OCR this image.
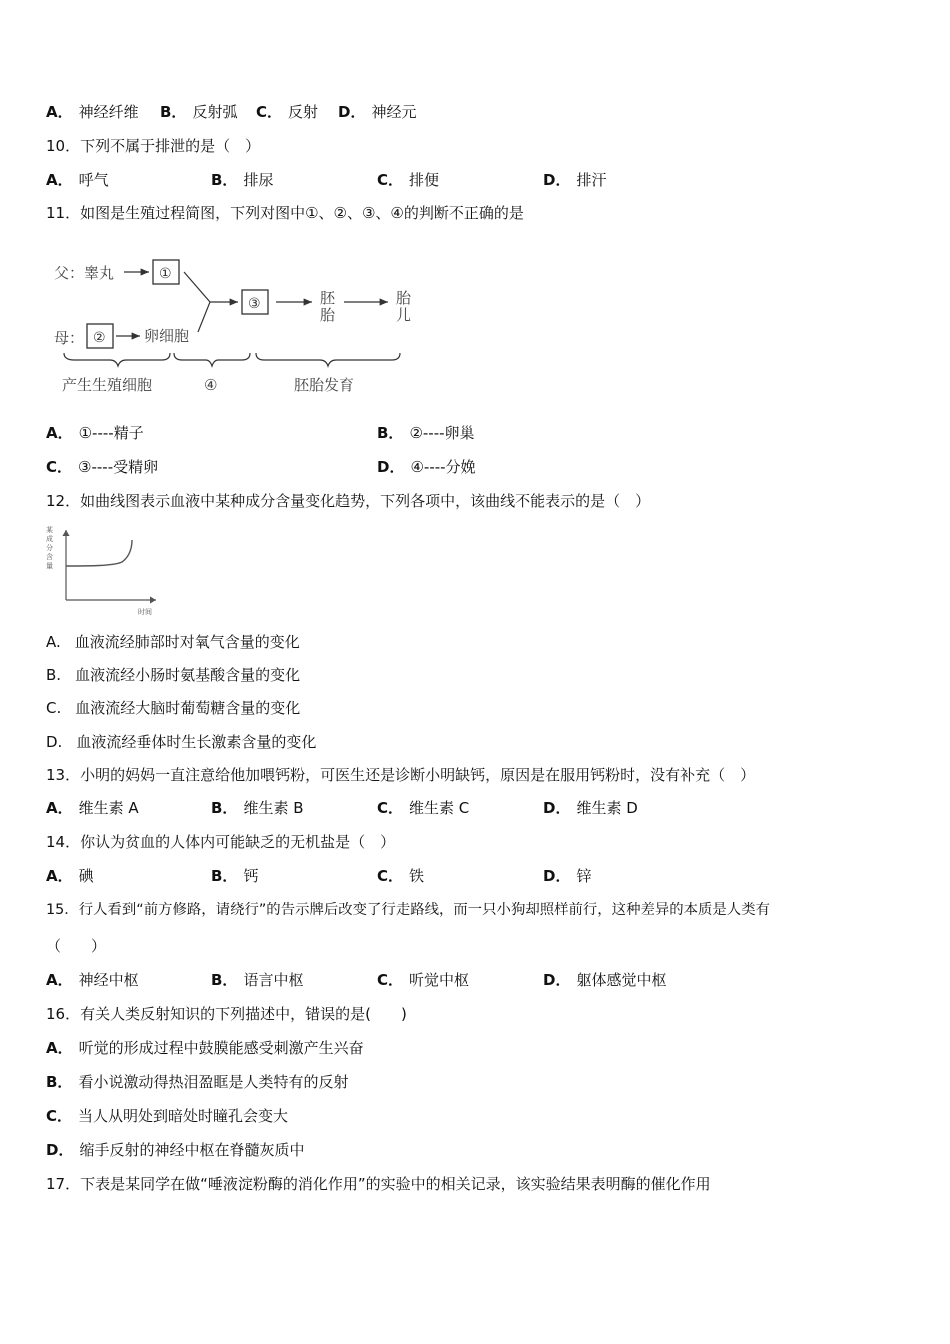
A． 神经纤维 B． 反射弧 C． 反射 D． 神经元
10．下列不属于排泄的是（　）
A． 呼气	B． 排尿	C． 排便	D． 排汗
11．如图是生殖过程简图，下列对图中①、②、③、④的判断不正确的是
父：睾丸
母：	卵细胞
胚
胎
胎
儿
产生生殖细胞	④	胚胎发育
①
②
③
A． ①----精子	B． ②----卵巢
C． ③----受精卵	D． ④----分娩
12．如曲线图表示血液中某种成分含量变化趋势，下列各项中，该曲线不能表示的是（　）
某
成
分
含
量
时间
A. 血液流经肺部时对氧气含量的变化
B. 血液流经小肠时氨基酸含量的变化
C. 血液流经大脑时葡萄糖含量的变化
D. 血液流经垂体时生长激素含量的变化
13．小明的妈妈一直注意给他加喂钙粉，可医生还是诊断小明缺钙，原因是在服用钙粉时，没有补充（　）
A． 维生素 A	B． 维生素 B	C． 维生素 C	D． 维生素 D
14．你认为贫血的人体内可能缺乏的无机盐是（　）
A． 碘	B． 钙	C． 铁	D． 锌
15．行人看到“前方修路，请绕行”的告示牌后改变了行走路线，而一只小狗却照样前行，这种差异的本质是人类有
（　　）
A． 神经中枢	B． 语言中枢	C． 听觉中枢	D． 躯体感觉中枢
16．有关人类反射知识的下列描述中，错误的是(　　)
A． 听觉的形成过程中鼓膜能感受刺激产生兴奋
B． 看小说激动得热泪盈眶是人类特有的反射
C． 当人从明处到暗处时瞳孔会变大
D． 缩手反射的神经中枢在脊髓灰质中
17．下表是某同学在做“唾液淀粉酶的消化作用”的实验中的相关记录，该实验结果表明酶的催化作用
